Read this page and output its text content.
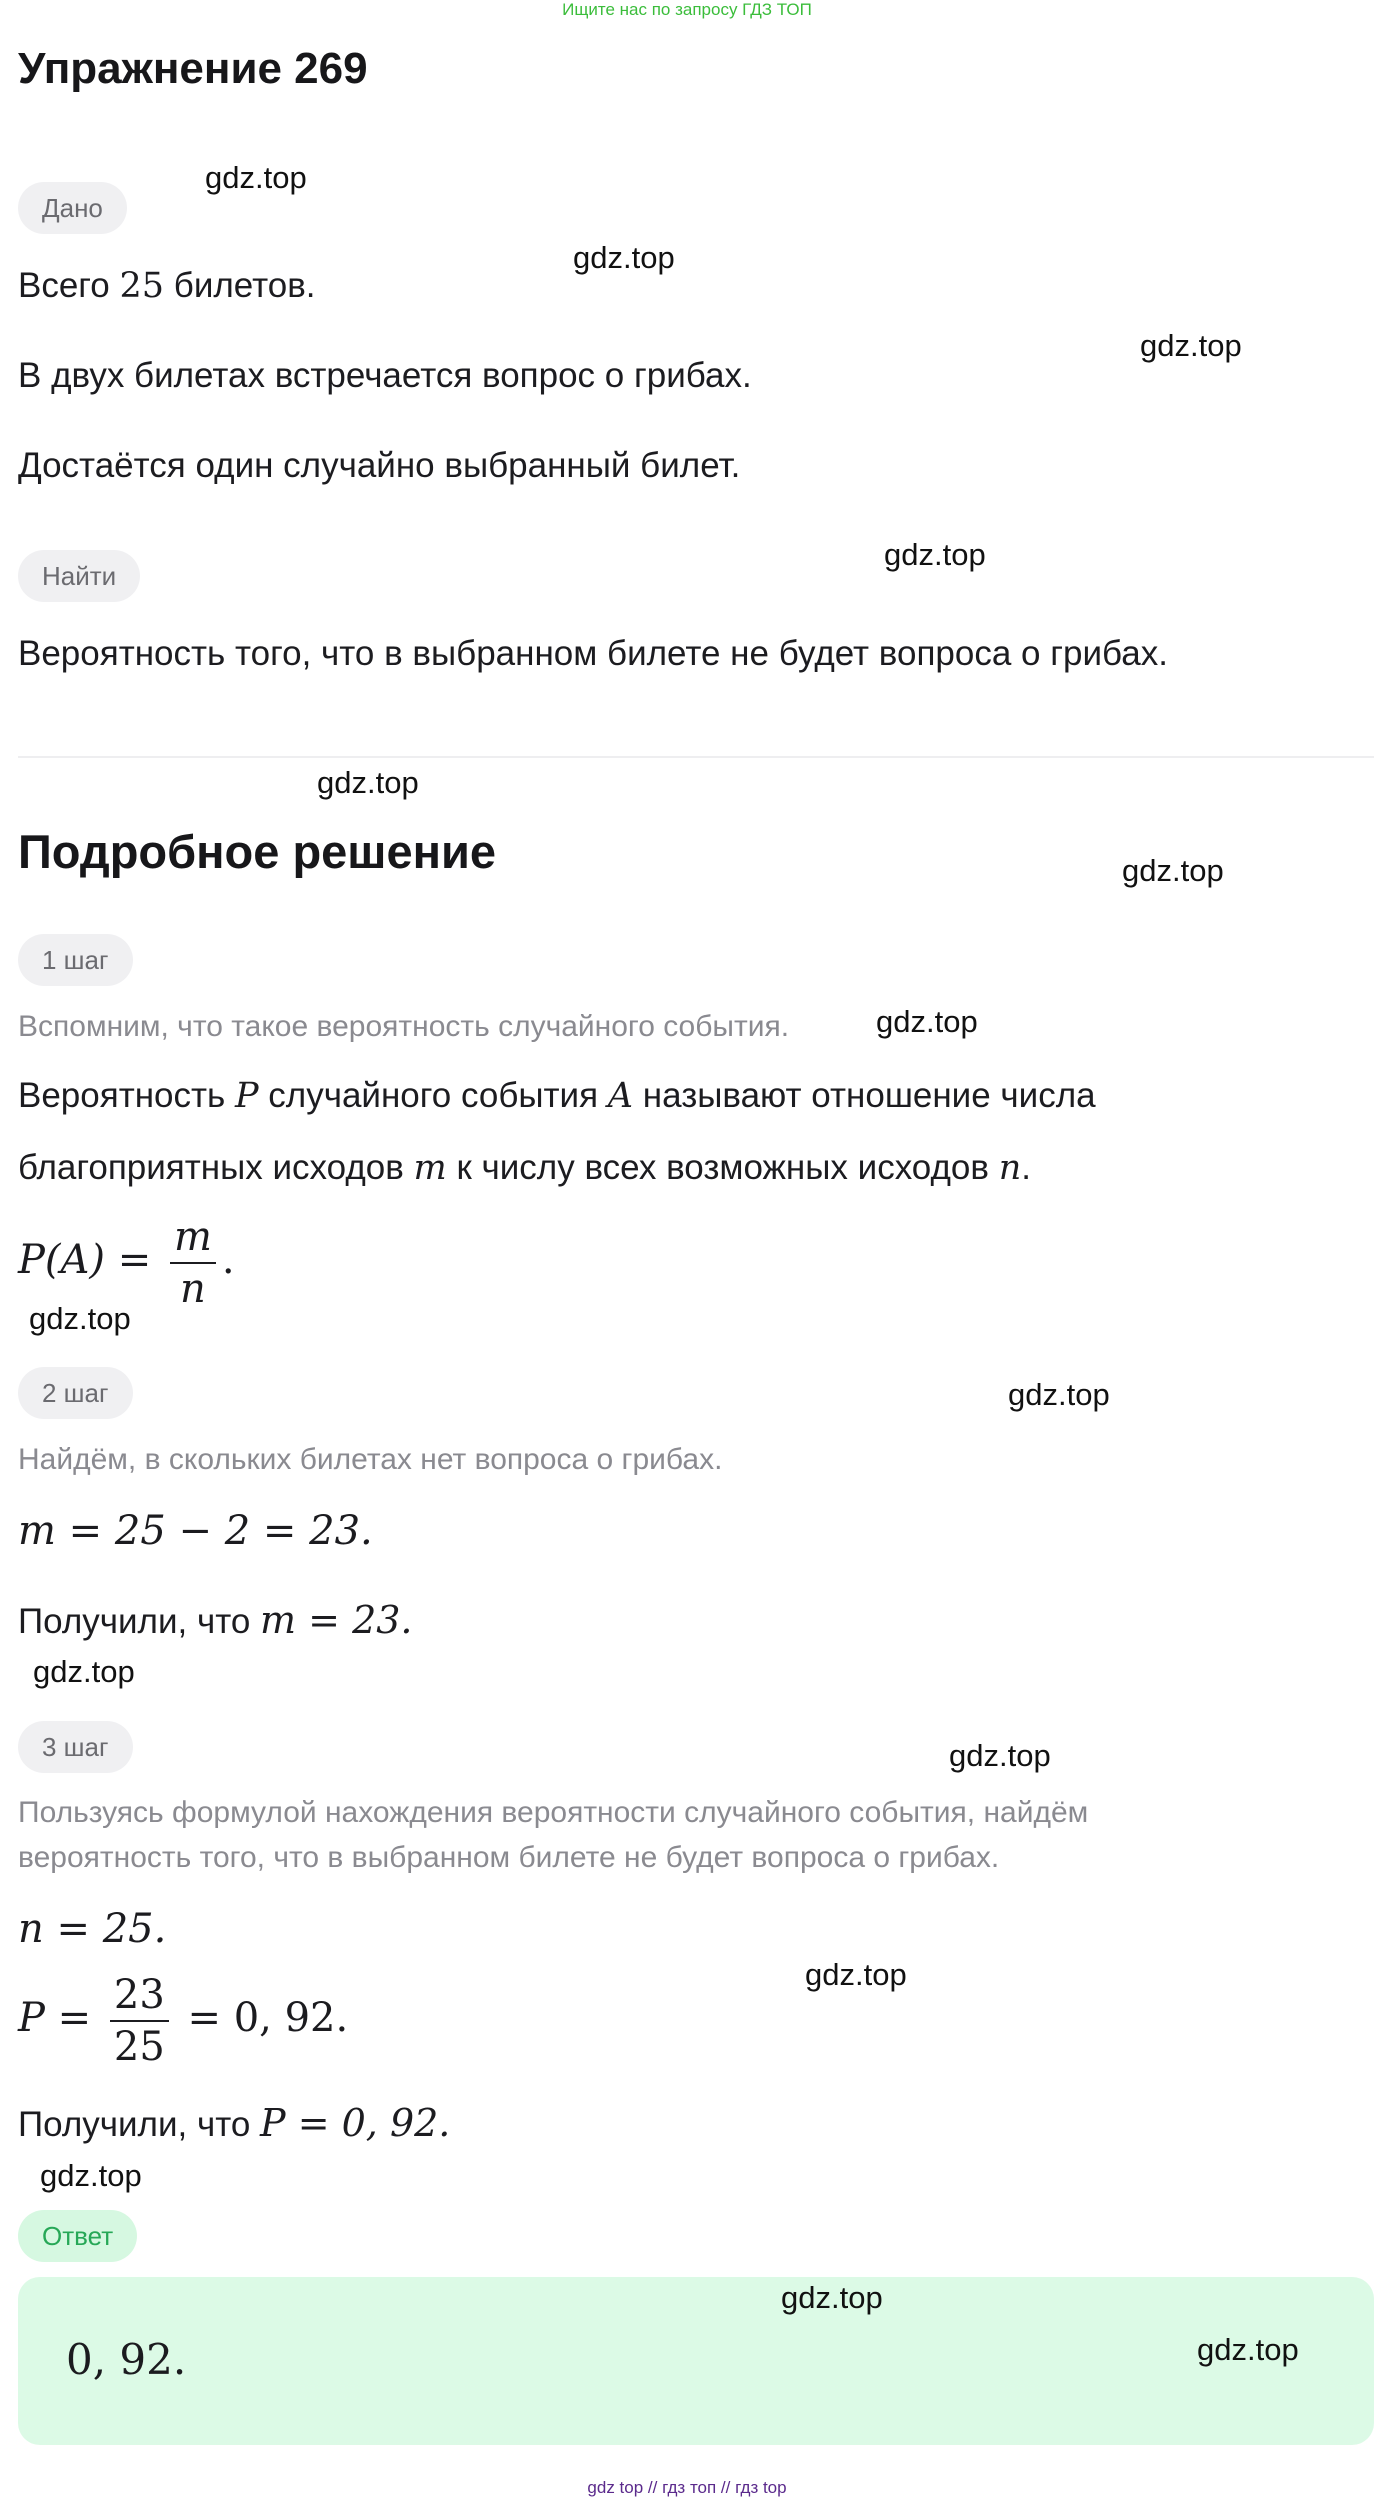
Ищите нас по запросу ГДЗ ТОП
Упражнение 269
Дано
Всего 25 билетов.
В двух билетах встречается вопрос о грибах.
Достаётся один случайно выбранный билет.
Найти
Вероятность того, что в выбранном билете не будет вопроса о грибах.
Подробное решение
1 шаг
Вспомним, что такое вероятность случайного события.
Вероятность P случайного события A называют отношение числа
благоприятных исходов m к числу всех возможных исходов n.
$P(A) = \frac{m}{n}$ .
2 шаг
Найдём, в скольких билетах нет вопроса о грибах.
m = 25 − 2 = 23.
Получили, что m = 23.
3 шаг
Пользуясь формулой нахождения вероятности случайного события, найдём
вероятность того, что в выбранном билете не будет вопроса о грибах.
n = 25.
$P = \frac{23}{25} = 0$, 92.
Получили, что P = 0, 92.
Ответ
0, 92.
gdz.top
gdz.top
gdz.top
gdz.top
gdz.top
gdz.top
gdz.top
gdz.top
gdz.top
gdz.top
gdz.top
gdz.top
gdz.top
gdz.top
gdz.top
gdz top // гдз топ // гдз top
